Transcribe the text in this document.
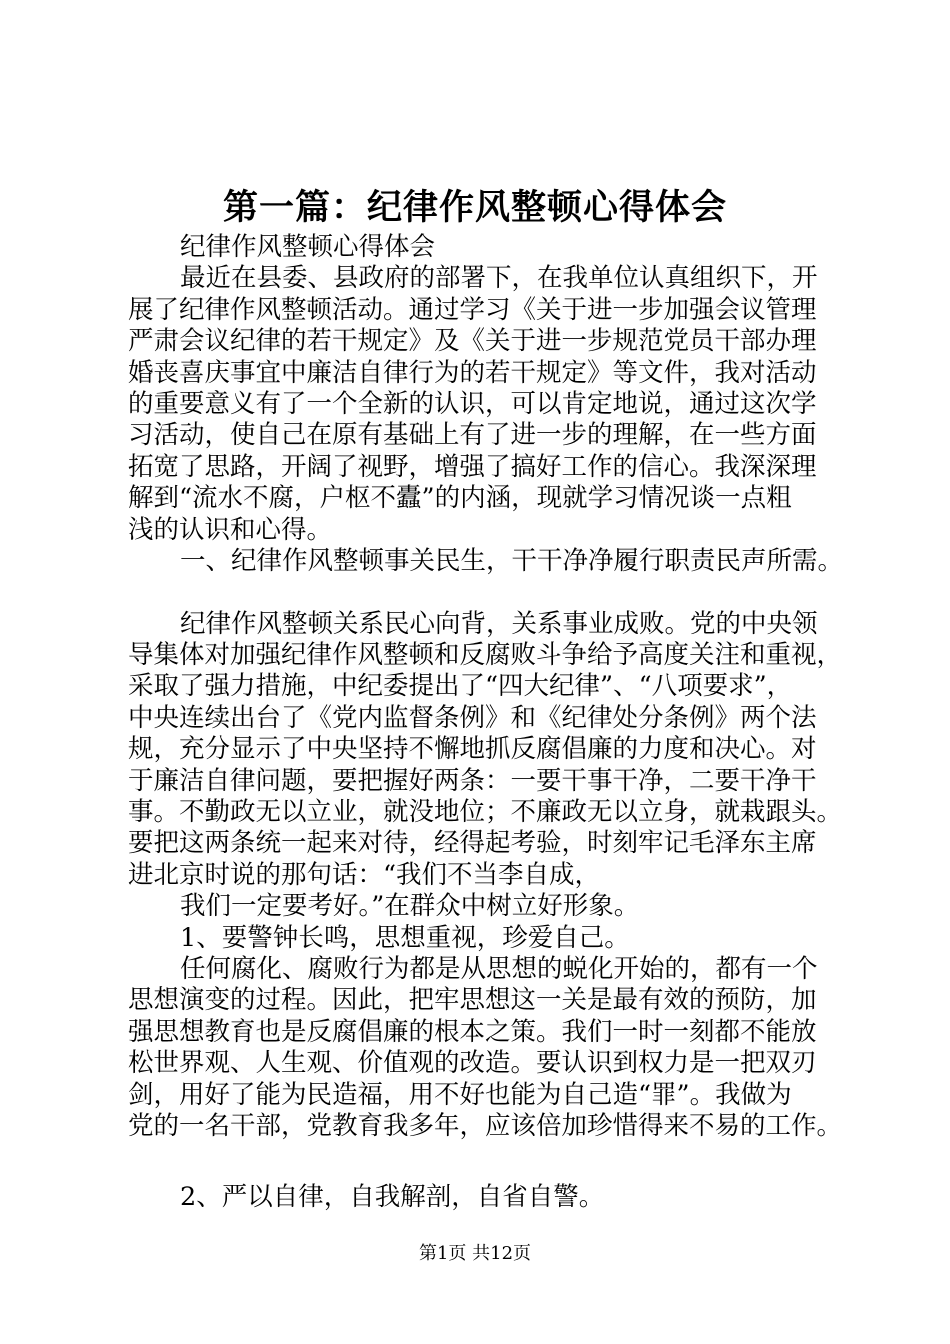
第一篇：纪律作风整顿心得体会
纪律作风整顿心得体会
最近在县委、县政府的部署下，在我单位认真组织下，开
展了纪律作风整顿活动。通过学习《关于进一步加强会议管理
严肃会议纪律的若干规定》及《关于进一步规范党员干部办理
婚丧喜庆事宜中廉洁自律行为的若干规定》等文件，我对活动
的重要意义有了一个全新的认识，可以肯定地说，通过这次学
习活动，使自己在原有基础上有了进一步的理解，在一些方面
拓宽了思路，开阔了视野，增强了搞好工作的信心。我深深理
解到“流水不腐，户枢不蠹”的内涵，现就学习情况谈一点粗
浅的认识和心得。
一、纪律作风整顿事关民生，干干净净履行职责民声所需。
纪律作风整顿关系民心向背，关系事业成败。党的中央领
导集体对加强纪律作风整顿和反腐败斗争给予高度关注和重视，
采取了强力措施，中纪委提出了“四大纪律”、“八项要求”，
中央连续出台了《党内监督条例》和《纪律处分条例》两个法
规，充分显示了中央坚持不懈地抓反腐倡廉的力度和决心。对
于廉洁自律问题，要把握好两条：一要干事干净，二要干净干
事。不勤政无以立业，就没地位；不廉政无以立身，就栽跟头。
要把这两条统一起来对待，经得起考验，时刻牢记毛泽东主席
进北京时说的那句话：“我们不当李自成，
我们一定要考好。”在群众中树立好形象。
1、要警钟长鸣，思想重视，珍爱自己。
任何腐化、腐败行为都是从思想的蜕化开始的，都有一个
思想演变的过程。因此，把牢思想这一关是最有效的预防，加
强思想教育也是反腐倡廉的根本之策。我们一时一刻都不能放
松世界观、人生观、价值观的改造。要认识到权力是一把双刃
剑，用好了能为民造福，用不好也能为自己造“罪”。我做为
党的一名干部，党教育我多年，应该倍加珍惜得来不易的工作。
2、严以自律，自我解剖，自省自警。
第1页 共12页
